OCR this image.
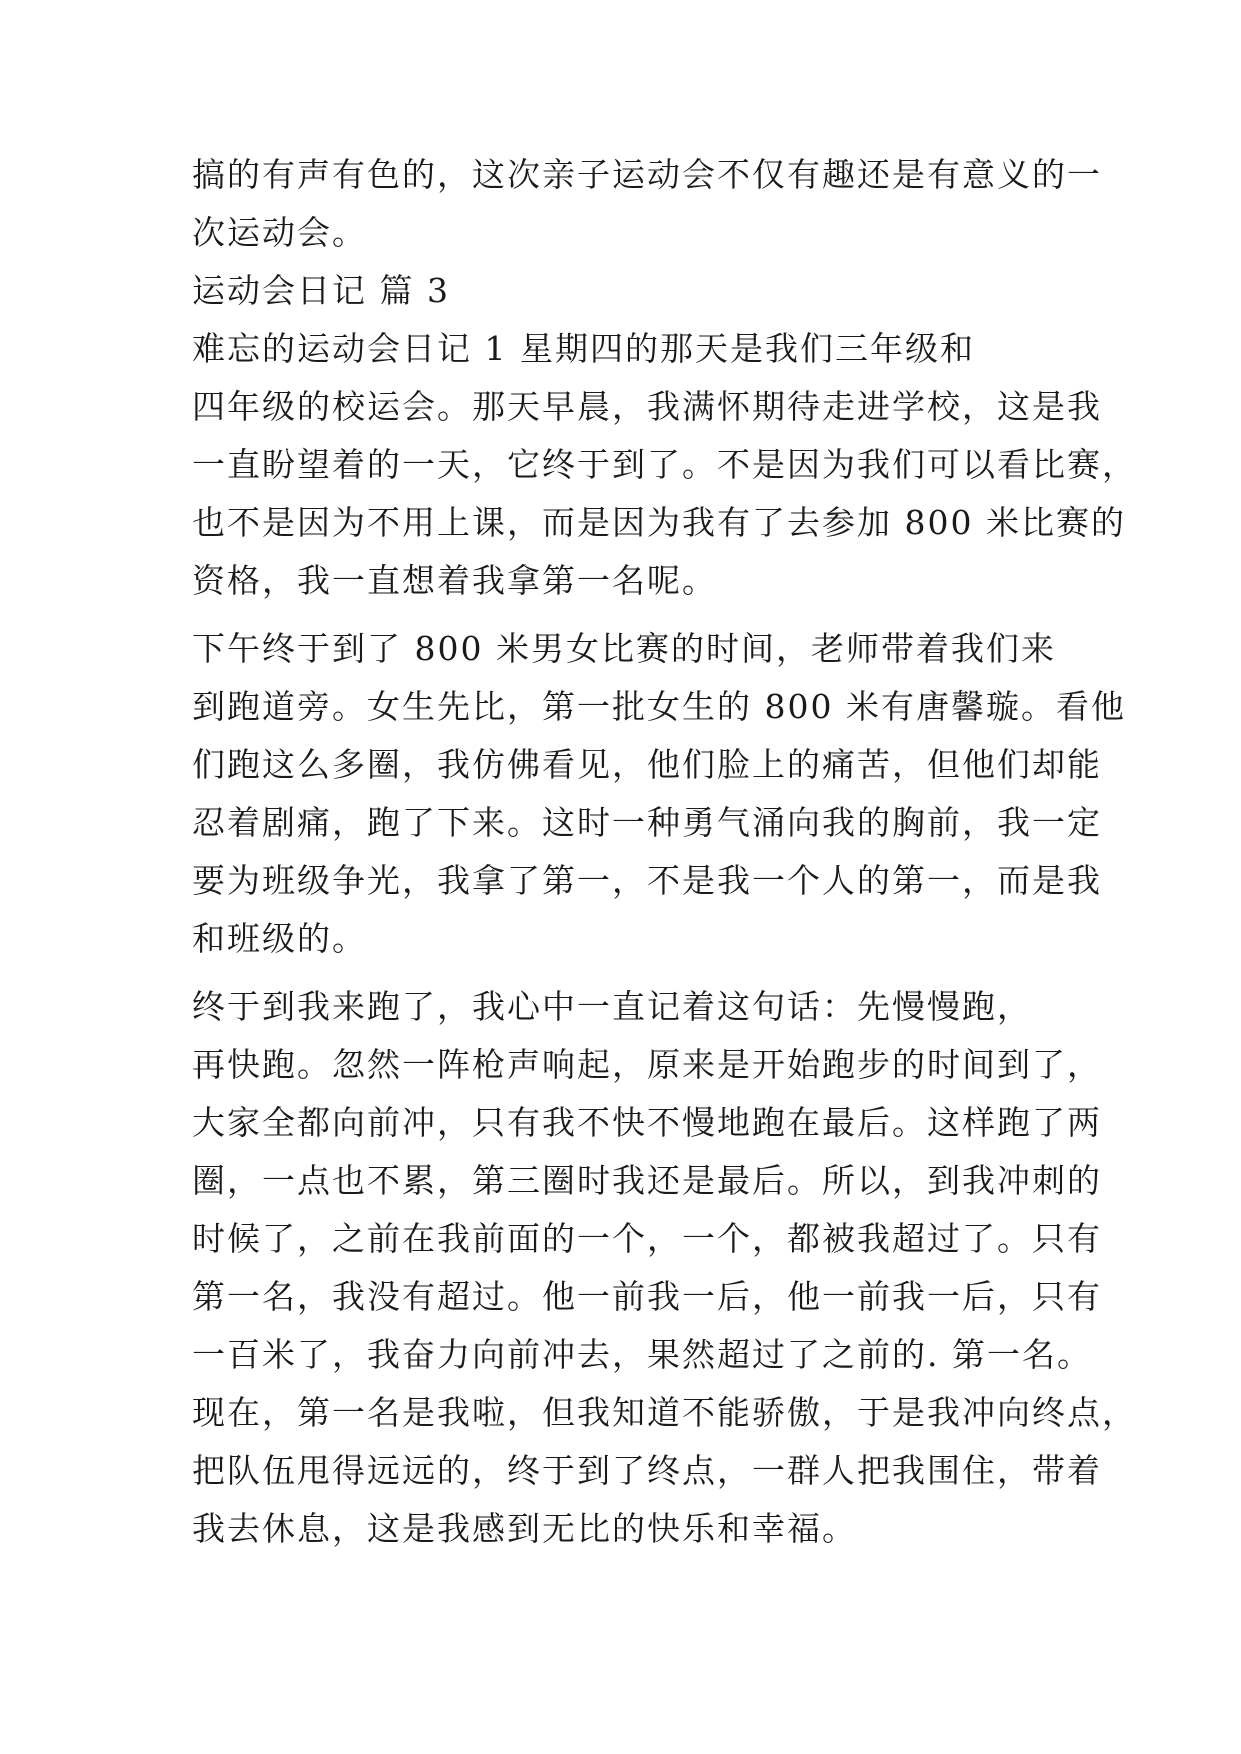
搞的有声有色的，这次亲子运动会不仅有趣还是有意义的一
次运动会。
运动会日记 篇 3
难忘的运动会日记 1 星期四的那天是我们三年级和
四年级的校运会。那天早晨，我满怀期待走进学校，这是我
一直盼望着的一天，它终于到了。不是因为我们可以看比赛，
也不是因为不用上课，而是因为我有了去参加 800 米比赛的
资格，我一直想着我拿第一名呢。
下午终于到了 800 米男女比赛的时间，老师带着我们来
到跑道旁。女生先比，第一批女生的 800 米有唐馨璇。看他
们跑这么多圈，我仿佛看见，他们脸上的痛苦，但他们却能
忍着剧痛，跑了下来。这时一种勇气涌向我的胸前，我一定
要为班级争光，我拿了第一，不是我一个人的第一，而是我
和班级的。
终于到我来跑了，我心中一直记着这句话：先慢慢跑，
再快跑。忽然一阵枪声响起，原来是开始跑步的时间到了，
大家全都向前冲，只有我不快不慢地跑在最后。这样跑了两
圈，一点也不累，第三圈时我还是最后。所以，到我冲刺的
时候了，之前在我前面的一个，一个，都被我超过了。只有
第一名，我没有超过。他一前我一后，他一前我一后，只有
一百米了，我奋力向前冲去，果然超过了之前的. 第一名。
现在，第一名是我啦，但我知道不能骄傲，于是我冲向终点，
把队伍甩得远远的，终于到了终点，一群人把我围住，带着
我去休息，这是我感到无比的快乐和幸福。
